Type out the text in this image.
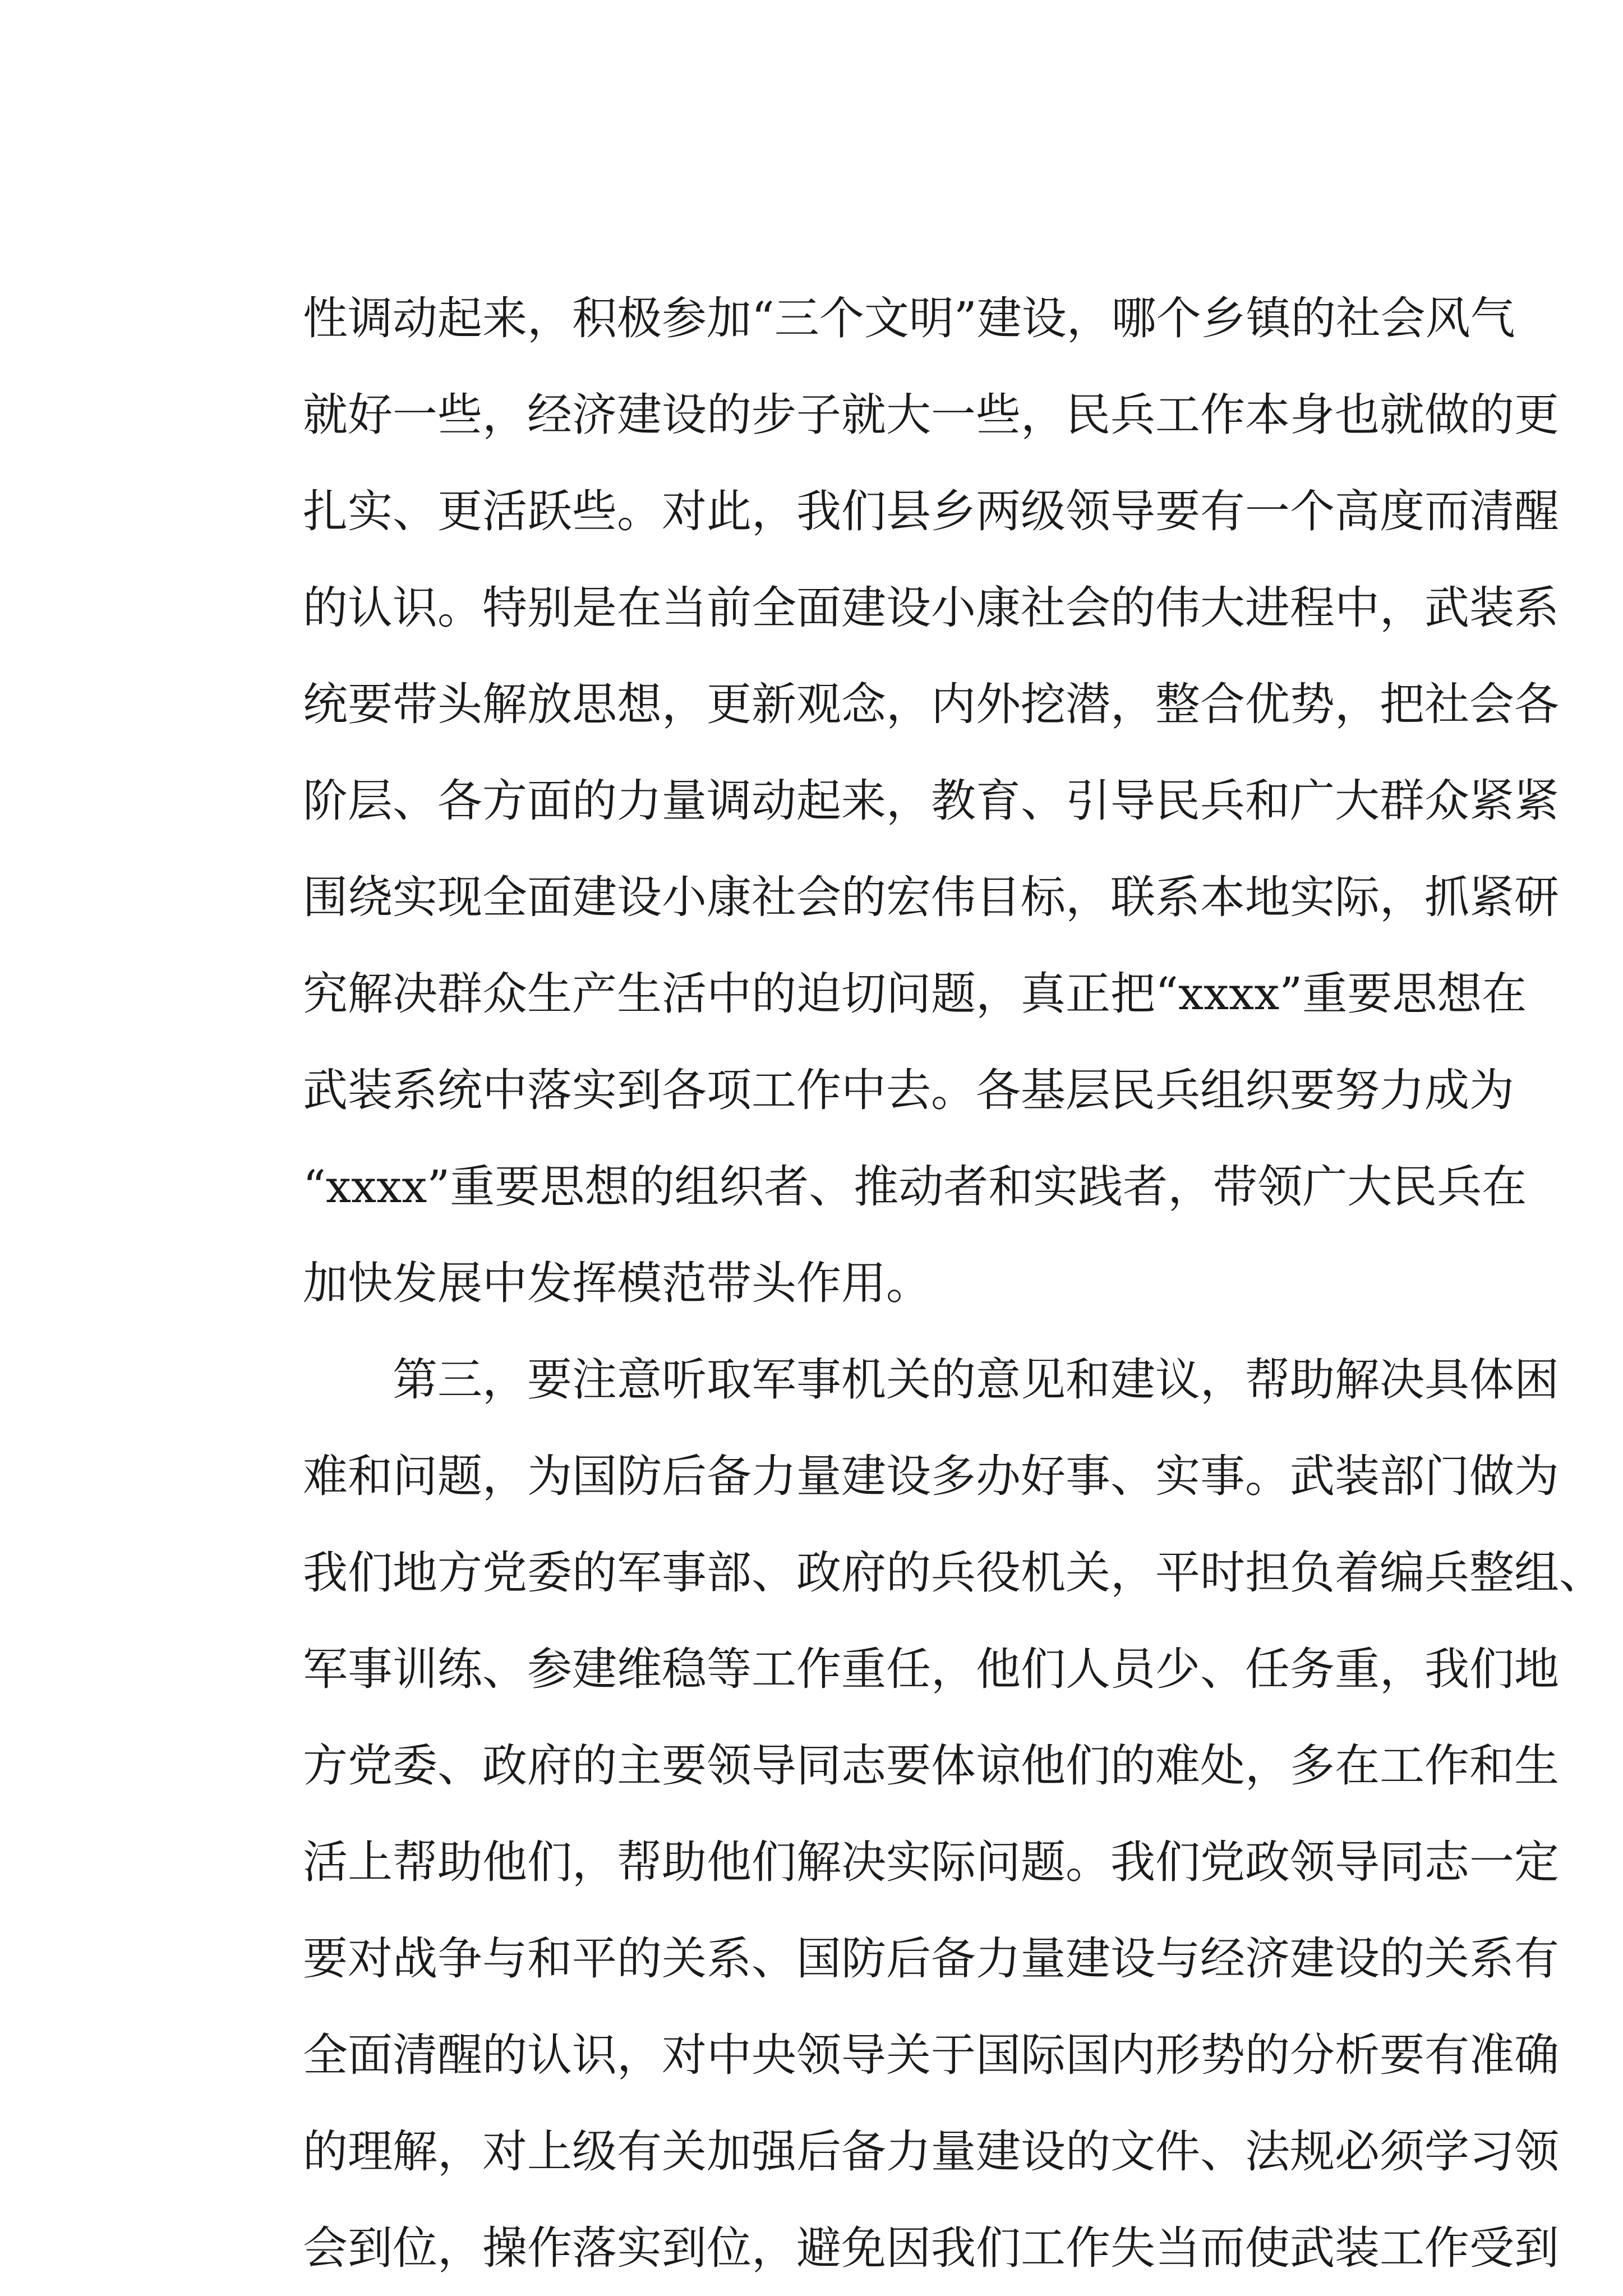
性调动起来，积极参加“三个文明”建设，哪个乡镇的社会风气
就好一些，经济建设的步子就大一些，民兵工作本身也就做的更
扎实、更活跃些。对此，我们县乡两级领导要有一个高度而清醒
的认识。特别是在当前全面建设小康社会的伟大进程中，武装系
统要带头解放思想，更新观念，内外挖潜，整合优势，把社会各
阶层、各方面的力量调动起来，教育、引导民兵和广大群众紧紧
围绕实现全面建设小康社会的宏伟目标，联系本地实际，抓紧研
究解决群众生产生活中的迫切问题，真正把“xxxx”重要思想在
武装系统中落实到各项工作中去。各基层民兵组织要努力成为
“xxxx”重要思想的组织者、推动者和实践者，带领广大民兵在
加快发展中发挥模范带头作用。
　　第三，要注意听取军事机关的意见和建议，帮助解决具体困
难和问题，为国防后备力量建设多办好事、实事。武装部门做为
我们地方党委的军事部、政府的兵役机关，平时担负着编兵整组、
军事训练、参建维稳等工作重任，他们人员少、任务重，我们地
方党委、政府的主要领导同志要体谅他们的难处，多在工作和生
活上帮助他们，帮助他们解决实际问题。我们党政领导同志一定
要对战争与和平的关系、国防后备力量建设与经济建设的关系有
全面清醒的认识，对中央领导关于国际国内形势的分析要有准确
的理解，对上级有关加强后备力量建设的文件、法规必须学习领
会到位，操作落实到位，避免因我们工作失当而使武装工作受到
